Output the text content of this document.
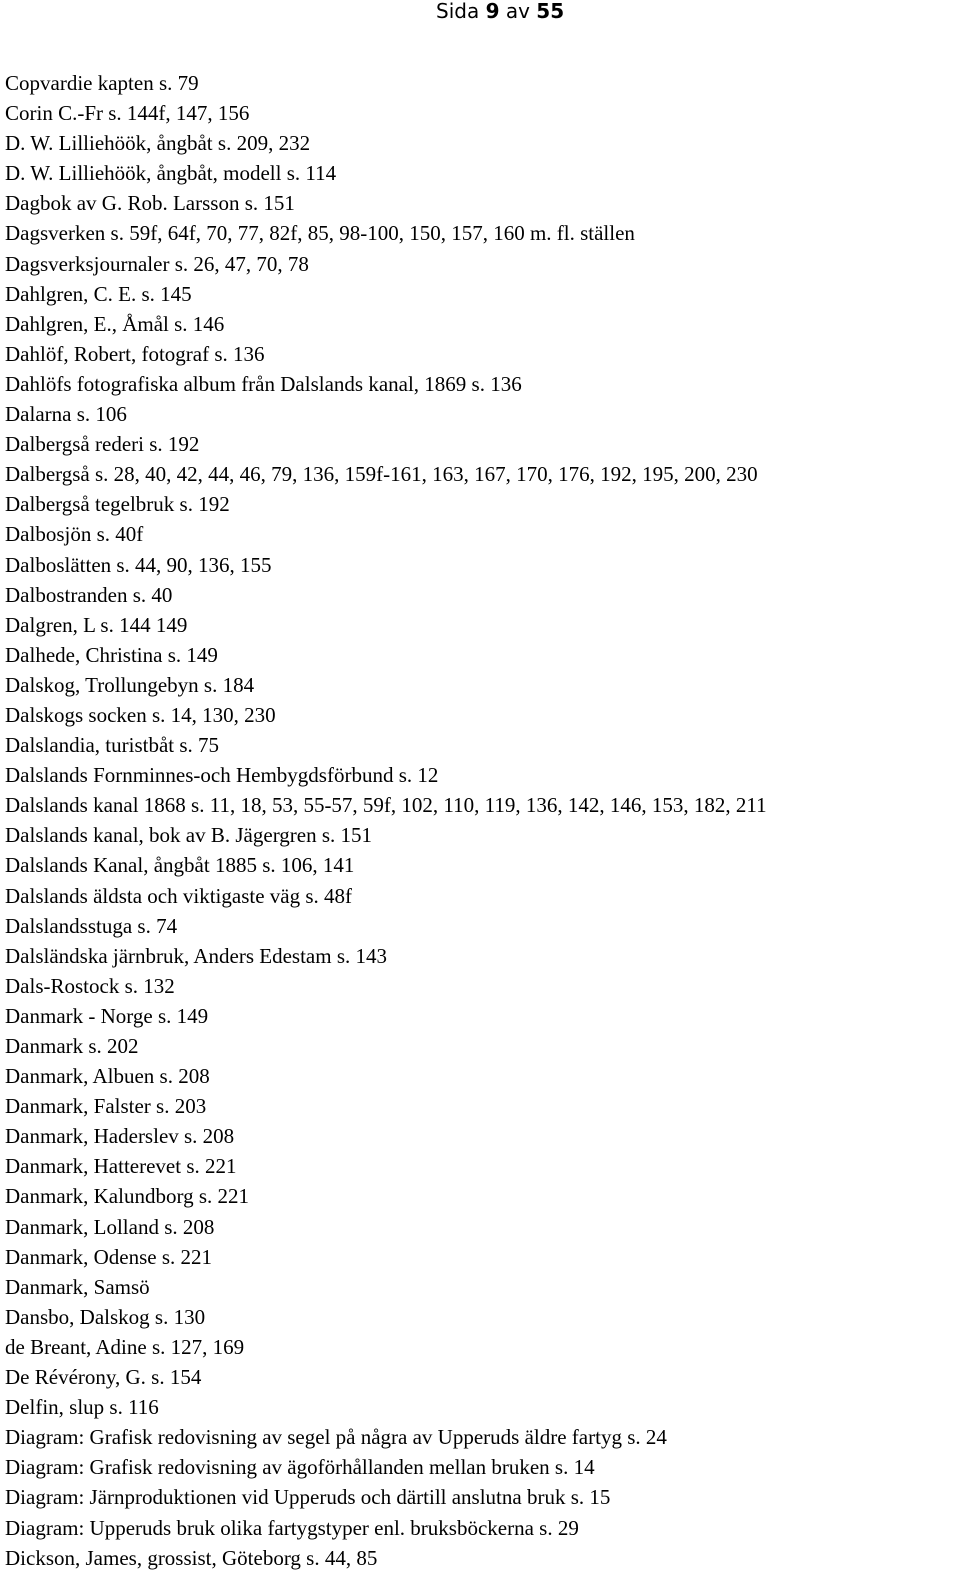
Sida 9 av 55
Copvardie kapten s. 79
Corin C.-Fr s. 144f, 147, 156
D. W. Lilliehöök, ångbåt s. 209, 232
D. W. Lilliehöök, ångbåt, modell s. 114
Dagbok av G. Rob. Larsson s. 151
Dagsverken s. 59f, 64f, 70, 77, 82f, 85, 98-100, 150, 157, 160 m. fl. ställen
Dagsverksjournaler s. 26, 47, 70, 78
Dahlgren, C. E. s. 145
Dahlgren, E., Åmål s. 146
Dahlöf, Robert, fotograf s. 136
Dahlöfs fotografiska album från Dalslands kanal, 1869 s. 136
Dalarna s. 106
Dalbergså rederi s. 192
Dalbergså s. 28, 40, 42, 44, 46, 79, 136, 159f-161, 163, 167, 170, 176, 192, 195, 200, 230
Dalbergså tegelbruk s. 192
Dalbosjön s. 40f
Dalboslätten s. 44, 90, 136, 155
Dalbostranden s. 40
Dalgren, L s. 144 149
Dalhede, Christina s. 149
Dalskog, Trollungebyn s. 184
Dalskogs socken s. 14, 130, 230
Dalslandia, turistbåt s. 75
Dalslands Fornminnes-och Hembygdsförbund s. 12
Dalslands kanal 1868 s. 11, 18, 53, 55-57, 59f, 102, 110, 119, 136, 142, 146, 153, 182, 211
Dalslands kanal, bok av B. Jägergren s. 151
Dalslands Kanal, ångbåt 1885 s. 106, 141
Dalslands äldsta och viktigaste väg s. 48f
Dalslandsstuga s. 74
Dalsländska järnbruk, Anders Edestam s. 143
Dals-Rostock s. 132
Danmark - Norge s. 149
Danmark s. 202
Danmark, Albuen s. 208
Danmark, Falster s. 203
Danmark, Haderslev s. 208
Danmark, Hatterevet s. 221
Danmark, Kalundborg s. 221
Danmark, Lolland s. 208
Danmark, Odense s. 221
Danmark, Samsö
Dansbo, Dalskog s. 130
de Breant, Adine s. 127, 169
De Révérony, G. s. 154
Delfin, slup s. 116
Diagram: Grafisk redovisning av segel på några av Upperuds äldre fartyg s. 24
Diagram: Grafisk redovisning av ägoförhållanden mellan bruken s. 14
Diagram: Järnproduktionen vid Upperuds och därtill anslutna bruk s. 15
Diagram: Upperuds bruk olika fartygstyper enl. bruksböckerna s. 29
Dickson, James, grossist, Göteborg s. 44, 85
